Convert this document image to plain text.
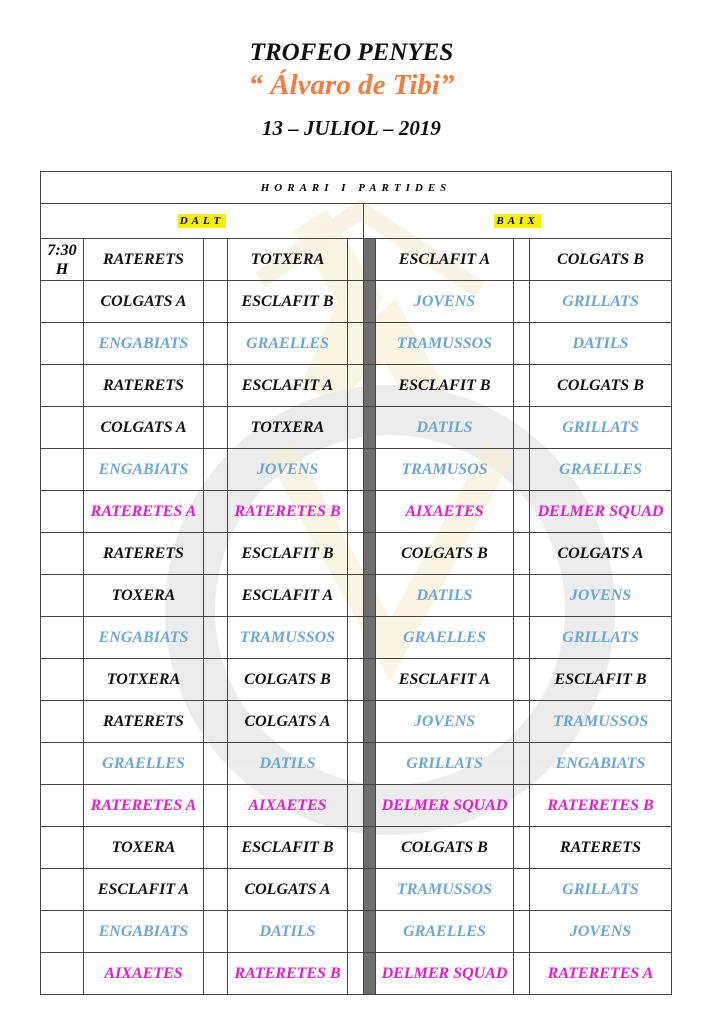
TROFEO PENYES
“ Álvaro de Tibi”
13 – JULIOL – 2019
HORARI I PARTIDES								
DALT					BAIX			
7:30 H	RATERETS		TOTXERA			ESCLAFIT A		COLGATS B
	COLGATS A		ESCLAFIT B			JOVENS		GRILLATS
	ENGABIATS		GRAELLES			TRAMUSSOS		DATILS
	RATERETS		ESCLAFIT A			ESCLAFIT B		COLGATS B
	COLGATS A		TOTXERA			DATILS		GRILLATS
	ENGABIATS		JOVENS			TRAMUSOS		GRAELLES
	RATERETES A		RATERETES B			AIXAETES		DELMER SQUAD
	RATERETS		ESCLAFIT B			COLGATS B		COLGATS A
	TOXERA		ESCLAFIT A			DATILS		JOVENS
	ENGABIATS		TRAMUSSOS			GRAELLES		GRILLATS
	TOTXERA		COLGATS B			ESCLAFIT A		ESCLAFIT B
	RATERETS		COLGATS A			JOVENS		TRAMUSSOS
	GRAELLES		DATILS			GRILLATS		ENGABIATS
	RATERETES A		AIXAETES			DELMER SQUAD		RATERETES B
	TOXERA		ESCLAFIT B			COLGATS B		RATERETS
	ESCLAFIT A		COLGATS A			TRAMUSSOS		GRILLATS
	ENGABIATS		DATILS			GRAELLES		JOVENS
	AIXAETES		RATERETES B			DELMER SQUAD		RATERETES A
